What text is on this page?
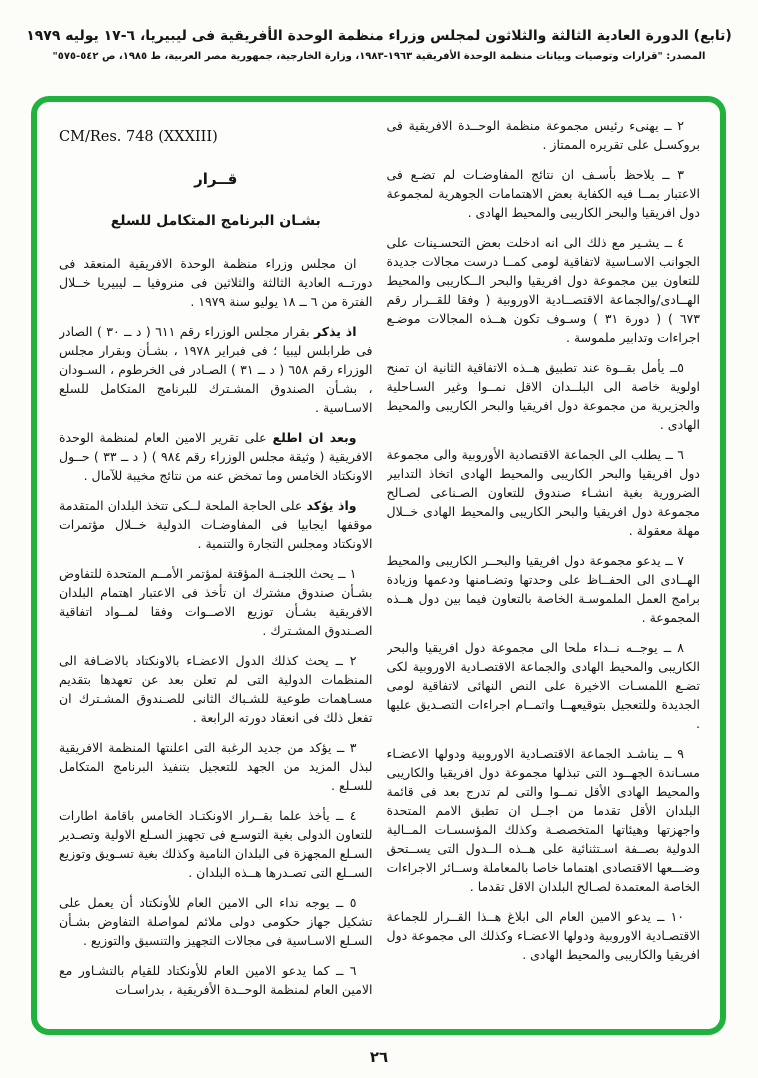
(تابع) الدورة العادية الثالثة والثلاثون لمجلس وزراء منظمة الوحدة الأفريقية فى ليبيريا، ٦-١٧ يوليه ١٩٧٩
المصدر: "قرارات وتوصيات وبيانات منظمة الوحدة الأفريقية ١٩٦٣-١٩٨٣، وزارة الخارجية، جمهورية مصر العربية، ط ١٩٨٥، ص ٥٤٢-٥٧٥"
CM/Res. 748 (XXXIII)
قــرار
بشـان البرنامج المتكامل للسلع
ان مجلس وزراء منظمة الوحدة الافريقية المنعقد فى دورتــه العادية الثالثة والثلاثين فى منروفيا ــ ليبيريا خــلال الفترة من ٦ ــ ١٨ يوليو سنة ١٩٧٩ .
اذ يذكر بقرار مجلس الوزراء رقم ٦١١ ( د ــ ٣٠ ) الصادر فى طرابلس ليبيا ؛ فى فبراير ١٩٧٨ ، بشـأن وبقرار مجلس الوزراء رقم ٦٥٨ ( د ــ ٣١ ) الصـادر فى الخرطوم ، السـودان ، بشـأن الصندوق المشـترك للبرنامج المتكامل للسلع الاسـاسية .
وبعد ان اطلع على تقرير الامين العام لمنظمة الوحدة الافريقية ( وثيقة مجلس الوزراء رقم ٩٨٤ ) ( د ــ ٣٣ ) حــول الاونكتاد الخامس وما تمخض عنه من نتائج مخيبة للآمال .
واذ يؤكد على الحاجة الملحة لــكى تتخذ البلدان المتقدمة موقفها ايجابيا فى المفاوضـات الدولية خــلال مؤتمرات الاونكتاد ومجلس التجارة والتنمية .
١ ــ يحث اللجنــة المؤقتة لمؤتمر الأمــم المتحدة للتفاوض بشـأن صندوق مشترك ان تأخذ فى الاعتبار اهتمام البلدان الافريقية بشـأن توزيع الاصــوات وفقا لمــواد اتفاقية الصـندوق المشـترك .
٢ ــ يحث كذلك الدول الاعضـاء بالاونكتاد بالاضـافة الى المنظمات الدولية التى لم تعلن بعد عن تعهدها بتقديم مسـاهمات طوعية للشـباك الثانى للصـندوق المشـترك ان تفعل ذلك فى انعقاد دورته الرابعة .
٣ ــ يؤكد من جديد الرغبة التى اعلنتها المنظمة الافريقية لبذل المزيد من الجهد للتعجيل بتنفيذ البرنامج المتكامل للسـلع .
٤ ــ يأخذ علما بقــرار الاونكتـاد الخامس باقامة اطارات للتعاون الدولى بغية التوسـع فى تجهيز السـلع الاولية وتصـدير السـلع المجهزة فى البلدان النامية وكذلك بغية تسـويق وتوزيع الســلع التى تصـدرها هــذه البلدان .
٥ ــ يوجه نداء الى الامين العام للأونكتاد أن يعمل على تشكيل جهاز حكومى دولى ملائم لمواصلة التفاوض بشـأن السـلع الاسـاسية فى مجالات التجهيز والتنسيق والتوزيع .
٦ ــ كما يدعو الامين العام للأونكتاد للقيام بالتشـاور مع الامين العام لمنظمة الوحــدة الأفريقية ، بدراسـات
٢ ــ يهنىء رئيس مجموعة منظمة الوحــدة الافريقية فى بروكسـل على تقريره الممتاز .
٣ ــ يلاحظ بأسـف ان نتائج المفاوضـات لم تضـع فى الاعتبار بمــا فيه الكفاية بعض الاهتمامات الجوهرية لمجموعة دول افريقيا والبحر الكاريبى والمحيط الهادى .
٤ ــ يشـير مع ذلك الى انه ادخلت بعض التحسـينات على الجوانب الاسـاسية لاتفاقية لومى كمــا درست مجالات جديدة للتعاون بين مجموعة دول افريقيا والبحر الــكاريبى والمحيط الهــادى/والجماعة الاقتصــادية الاوروبية ( وفقا للقــرار رقم ٦٧٣ ) ( دورة ٣١ ) وسـوف تكون هــذه المجالات موضـع اجراءات وتدابير ملموسة .
٥ــ يأمل بقــوة عند تطبيق هــذه الاتفاقية الثانية ان تمنح اولوية خاصة الى البلــدان الاقل نمــوا وغير السـاحلية والجزيرية من مجموعة دول افريقيا والبحر الكاريبى والمحيط الهادى .
٦ ــ يطلب الى الجماعة الاقتصادية الأوروبية والى مجموعة دول افريقيا والبحر الكاريبى والمحيط الهادى اتخاذ التدابير الضرورية بغية انشـاء صندوق للتعاون الصـناعى لصـالح مجموعة دول افريقيا والبحر الكاريبى والمحيط الهادى خــلال مهلة معقولة .
٧ ــ يدعو مجموعة دول افريقيا والبحــر الكاريبى والمحيط الهــادى الى الحفــاظ على وحدتها وتضـامنها ودعمها وزيادة برامج العمل الملموسـة الخاصة بالتعاون فيما بين دول هــذه المجموعة .
٨ ــ يوجــه نــداء ملحا الى مجموعة دول افريقيا والبحر الكاريبى والمحيط الهادى والجماعة الاقتصـادية الاوروبية لكى تضـع اللمسـات الاخيرة على النص النهائى لاتفاقية لومى الجديدة وللتعجيل بتوقيعهــا واتمــام اجراءات التصـديق عليها .
٩ ــ يناشـد الجماعة الاقتصـادية الاوروبية ودولها الاعضـاء مسـاندة الجهــود التى تبذلها مجموعة دول افريقيا والكاريبى والمحيط الهادى الأقل نمــوا والتى لم تدرج بعد فى قائمة البلدان الأقل تقدما من اجــل ان تطبق الامم المتحدة واجهزتها وهيئاتها المتخصصـة وكذلك المؤسسـات المــالية الدولية بصــفة اسـتثنائية على هــذه الــدول التى يســتحق وضـــعها الاقتصادى اهتماما خاصا بالمعاملة وســائر الاجراءات الخاصة المعتمدة لصـالح البلدان الاقل تقدما .
١٠ ــ يدعو الامين العام الى ابلاغ هــذا القــرار للجماعة الاقتصـادية الاوروبية ودولها الاعضـاء وكذلك الى مجموعة دول افريقيا والكاريبى والمحيط الهادى .
٢٦
